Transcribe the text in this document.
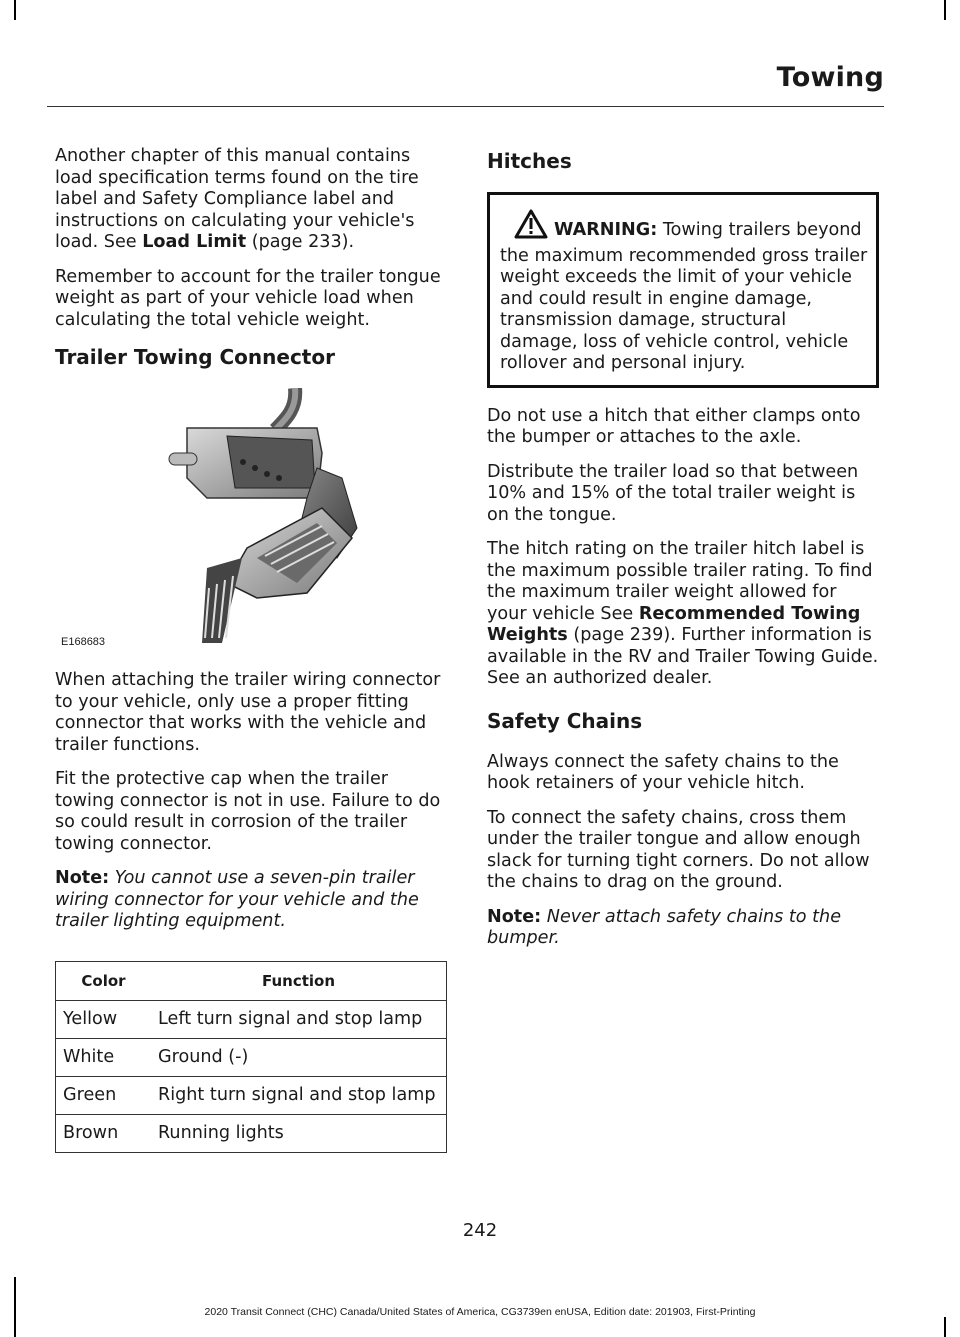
Towing

Another chapter of this manual contains load specification terms found on the tire label and Safety Compliance label and instructions on calculating your vehicle's load. See Load Limit (page 233).

Remember to account for the trailer tongue weight as part of your vehicle load when calculating the total vehicle weight.

Trailer Towing Connector
E168683

When attaching the trailer wiring connector to your vehicle, only use a proper fitting connector that works with the vehicle and trailer functions.

Fit the protective cap when the trailer towing connector is not in use. Failure to do so could result in corrosion of the trailer towing connector.

Note: You cannot use a seven-pin trailer wiring connector for your vehicle and the trailer lighting equipment.

Color	Function
Yellow	Left turn signal and stop lamp
White	Ground (-)
Green	Right turn signal and stop lamp
Brown	Running lights
Hitches
WARNING: Towing trailers beyond the maximum recommended gross trailer weight exceeds the limit of your vehicle and could result in engine damage, transmission damage, structural damage, loss of vehicle control, vehicle rollover and personal injury.

Do not use a hitch that either clamps onto the bumper or attaches to the axle.

Distribute the trailer load so that between 10% and 15% of the total trailer weight is on the tongue.

The hitch rating on the trailer hitch label is the maximum possible trailer rating. To find the maximum trailer weight allowed for your vehicle See Recommended Towing Weights (page 239). Further information is available in the RV and Trailer Towing Guide. See an authorized dealer.

Safety Chains

Always connect the safety chains to the hook retainers of your vehicle hitch.

To connect the safety chains, cross them under the trailer tongue and allow enough slack for turning tight corners. Do not allow the chains to drag on the ground.

Note: Never attach safety chains to the bumper.

242
2020 Transit Connect (CHC) Canada/United States of America, CG3739en enUSA, Edition date: 201903, First-Printing
